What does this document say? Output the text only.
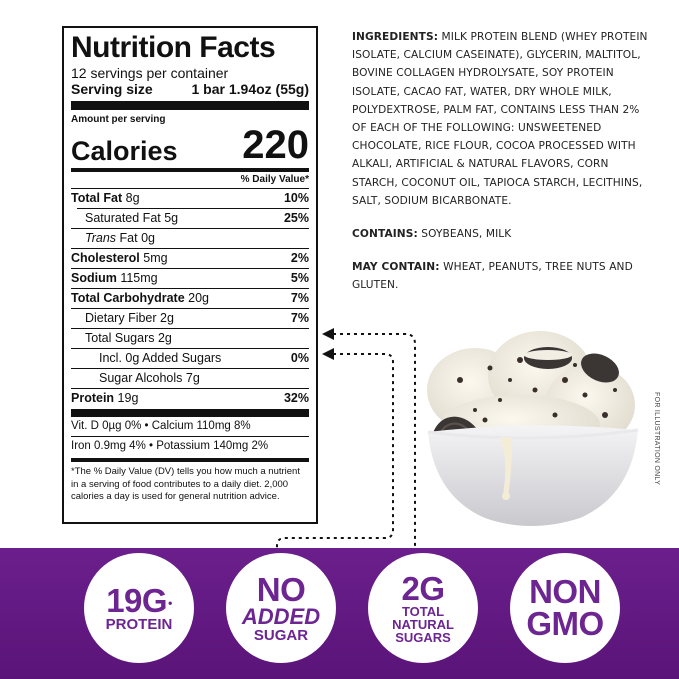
Nutrition Facts
12 servings per container
Serving size	1 bar 1.94oz (55g)
Amount per serving
Calories 220
% Daily Value*
Total Fat 8g	10%
Saturated Fat 5g	25%
Trans Fat 0g
Cholesterol 5mg	2%
Sodium 115mg	5%
Total Carbohydrate 20g	7%
Dietary Fiber 2g	7%
Total Sugars 2g
Incl. 0g Added Sugars	0%
Sugar Alcohols 7g
Protein 19g	32%
Vit. D 0µg 0% • Calcium 110mg 8%
Iron 0.9mg 4% • Potassium 140mg 2%
*The % Daily Value (DV) tells you how much a nutrient in a serving of food contributes to a daily diet. 2,000 calories a day is used for general nutrition advice.

INGREDIENTS: MILK PROTEIN BLEND (WHEY PROTEIN ISOLATE, CALCIUM CASEINATE), GLYCERIN, MALTITOL, BOVINE COLLAGEN HYDROLYSATE, SOY PROTEIN ISOLATE, CACAO FAT, WATER, DRY WHOLE MILK, POLYDEXTROSE, PALM FAT, CONTAINS LESS THAN 2% OF EACH OF THE FOLLOWING: UNSWEETENED CHOCOLATE, RICE FLOUR, COCOA PROCESSED WITH ALKALI, ARTIFICIAL & NATURAL FLAVORS, CORN STARCH, COCONUT OIL, TAPIOCA STARCH, LECITHINS, SALT, SODIUM BICARBONATE.

CONTAINS: SOYBEANS, MILK

MAY CONTAIN: WHEAT, PEANUTS, TREE NUTS AND GLUTEN.

FOR ILLUSTRATION ONLY
19G•
PROTEIN
NO
ADDED
SUGAR
2G
TOTAL
NATURAL
SUGARS
NON
GMO
